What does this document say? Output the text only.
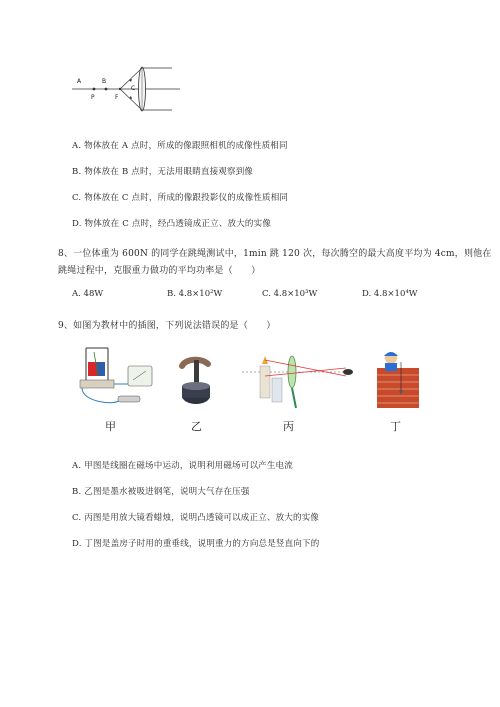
A	B
C
P	F
A. 物体放在 A 点时，所成的像跟照相机的成像性质相同
B. 物体放在 B 点时，无法用眼睛直接观察到像
C. 物体放在 C 点时，所成的像跟投影仪的成像性质相同
D. 物体放在 C 点时，经凸透镜成正立、放大的实像
8、一位体重为 600N 的同学在跳绳测试中，1min 跳 120 次，每次腾空的最大高度平均为 4cm，则他在
跳绳过程中，克服重力做功的平均功率是（　　）
A. 48W	B. 4.8×10²W	C. 4.8×10³W	D. 4.8×10⁴W
9、如图为教材中的插图，下列说法错误的是（　　）
甲	乙	丙	丁
A. 甲图是线圈在磁场中运动，说明利用磁场可以产生电流
B. 乙图是墨水被吸进钢笔，说明大气存在压强
C. 丙图是用放大镜看蜡烛，说明凸透镜可以成正立、放大的实像
D. 丁图是盖房子时用的重垂线，说明重力的方向总是竖直向下的
